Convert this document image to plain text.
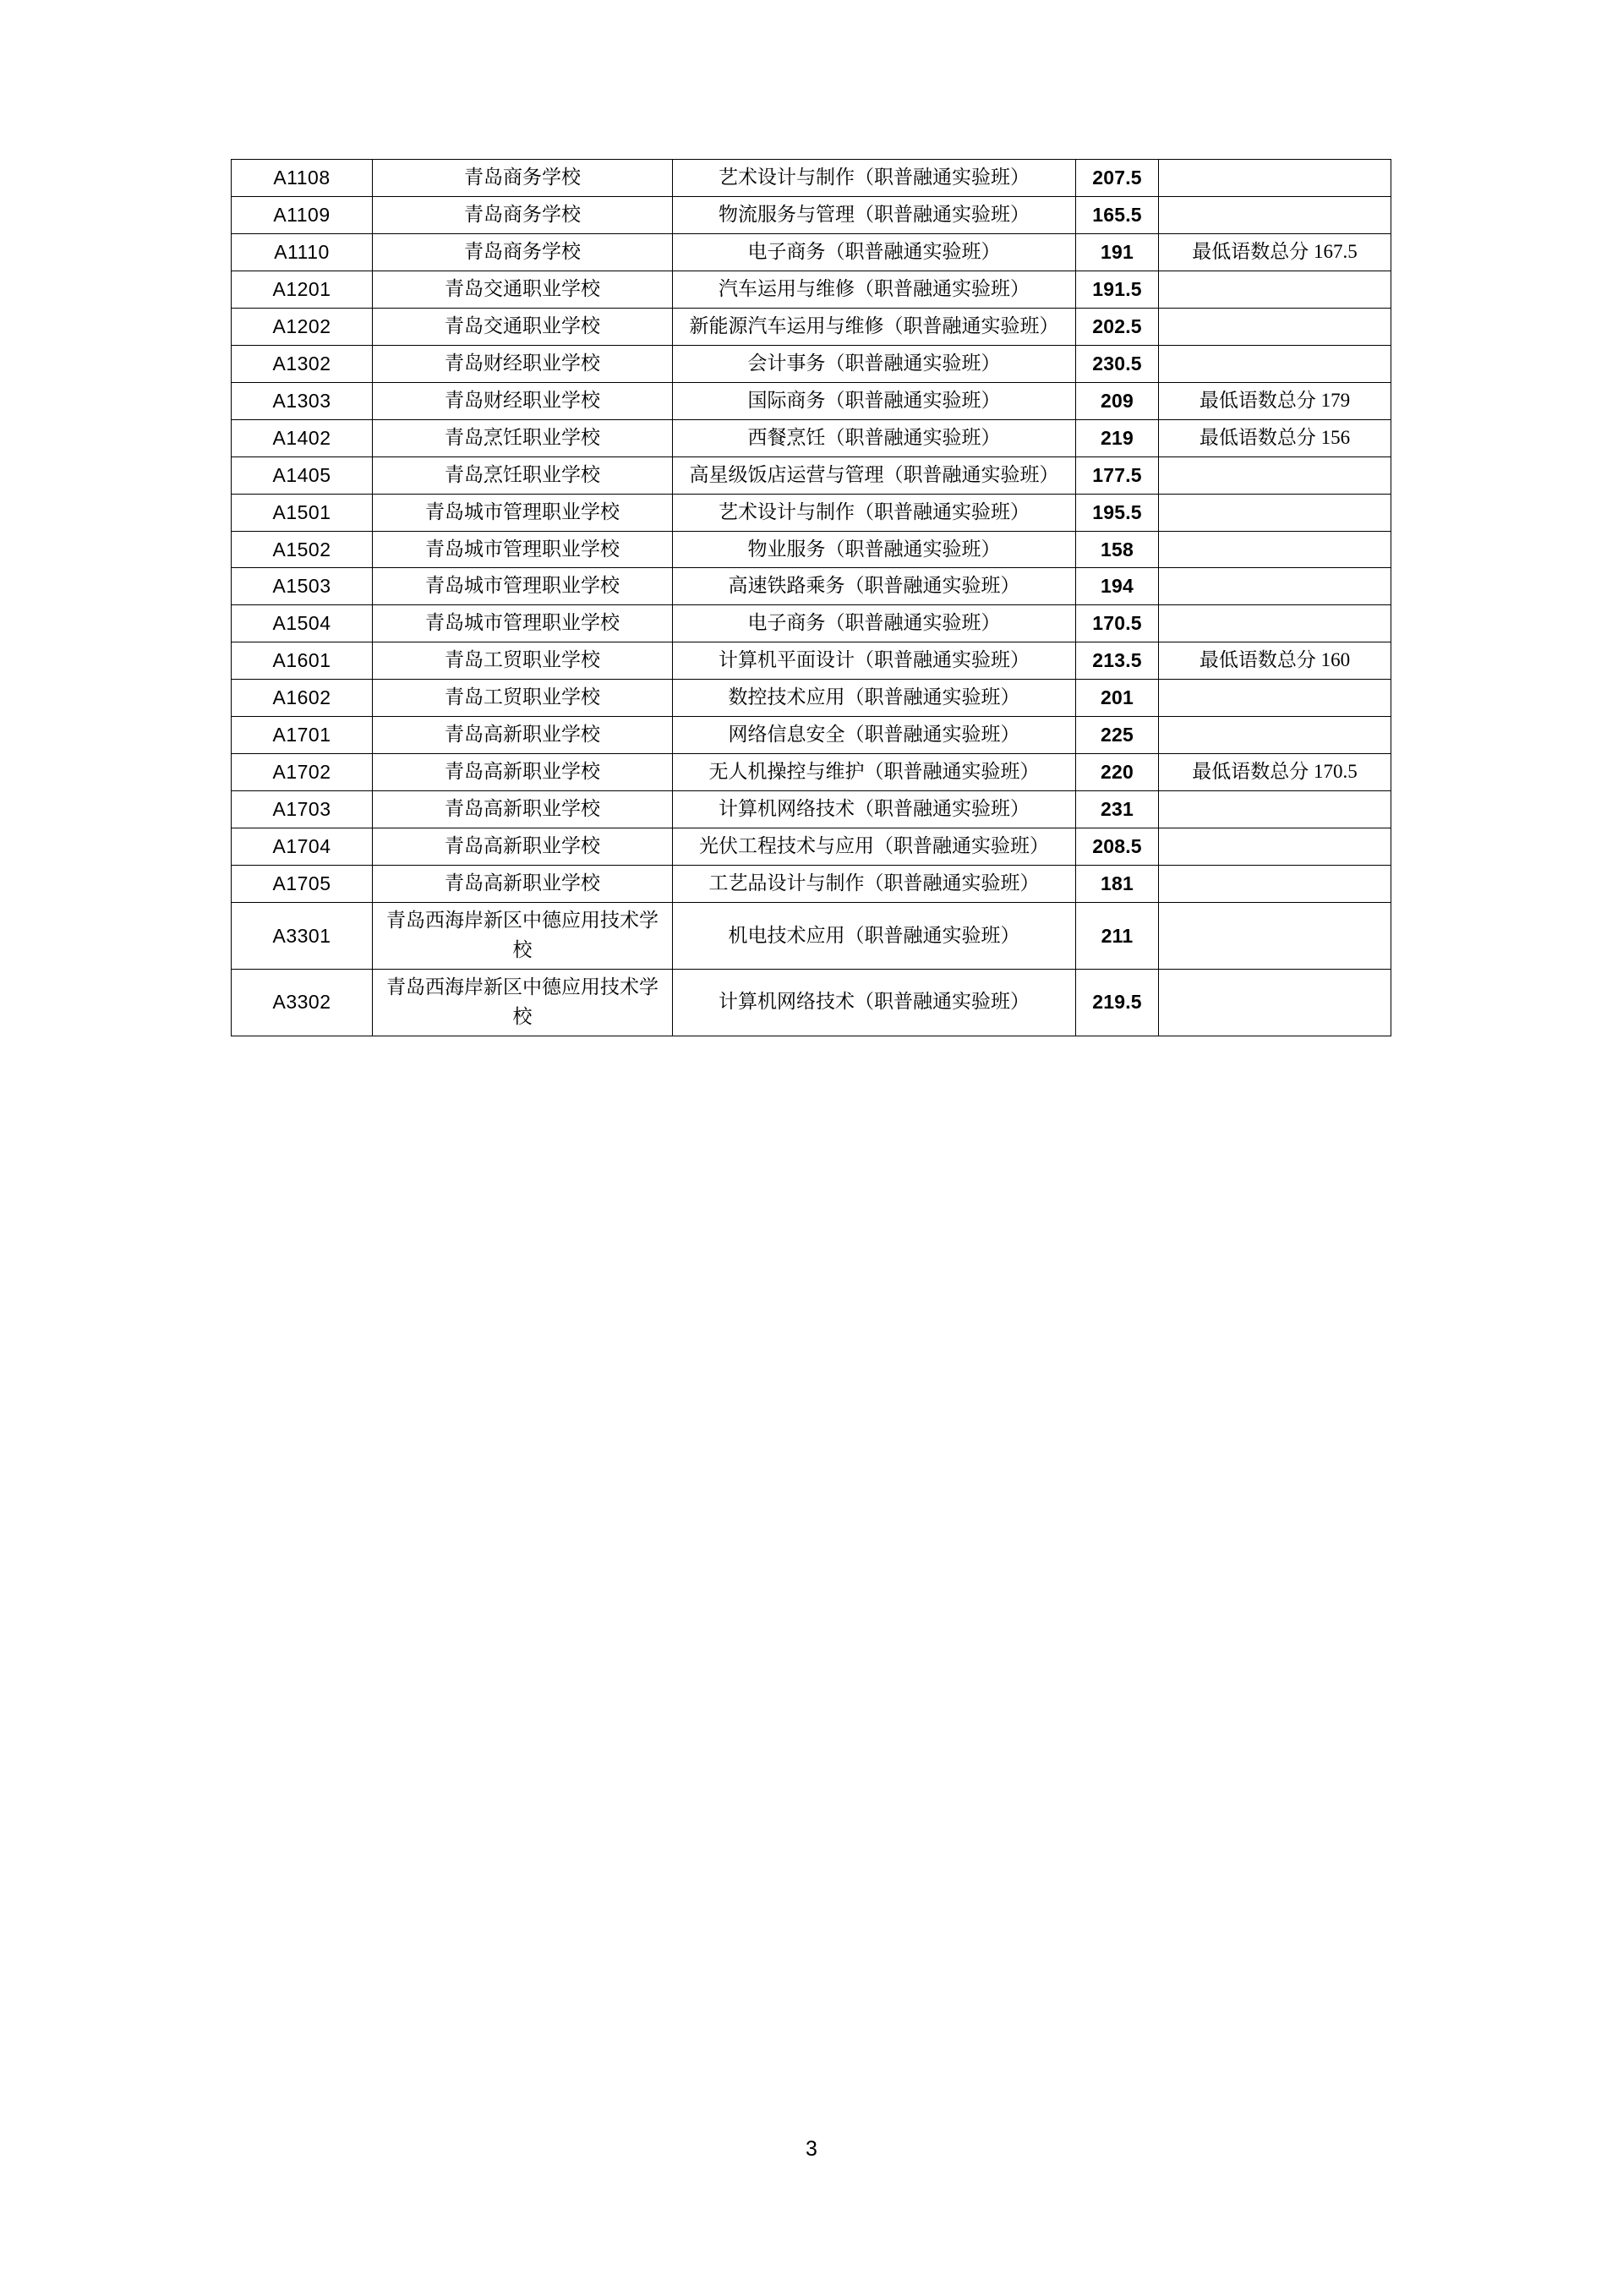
A1108	青岛商务学校	艺术设计与制作（职普融通实验班）	207.5	
A1109	青岛商务学校	物流服务与管理（职普融通实验班）	165.5	
A1110	青岛商务学校	电子商务（职普融通实验班）	191	最低语数总分 167.5
A1201	青岛交通职业学校	汽车运用与维修（职普融通实验班）	191.5	
A1202	青岛交通职业学校	新能源汽车运用与维修（职普融通实验班）	202.5	
A1302	青岛财经职业学校	会计事务（职普融通实验班）	230.5	
A1303	青岛财经职业学校	国际商务（职普融通实验班）	209	最低语数总分 179
A1402	青岛烹饪职业学校	西餐烹饪（职普融通实验班）	219	最低语数总分 156
A1405	青岛烹饪职业学校	高星级饭店运营与管理（职普融通实验班）	177.5	
A1501	青岛城市管理职业学校	艺术设计与制作（职普融通实验班）	195.5	
A1502	青岛城市管理职业学校	物业服务（职普融通实验班）	158	
A1503	青岛城市管理职业学校	高速铁路乘务（职普融通实验班）	194	
A1504	青岛城市管理职业学校	电子商务（职普融通实验班）	170.5	
A1601	青岛工贸职业学校	计算机平面设计（职普融通实验班）	213.5	最低语数总分 160
A1602	青岛工贸职业学校	数控技术应用（职普融通实验班）	201	
A1701	青岛高新职业学校	网络信息安全（职普融通实验班）	225	
A1702	青岛高新职业学校	无人机操控与维护（职普融通实验班）	220	最低语数总分 170.5
A1703	青岛高新职业学校	计算机网络技术（职普融通实验班）	231	
A1704	青岛高新职业学校	光伏工程技术与应用（职普融通实验班）	208.5	
A1705	青岛高新职业学校	工艺品设计与制作（职普融通实验班）	181	
A3301	青岛西海岸新区中德应用技术学校	机电技术应用（职普融通实验班）	211	
A3302	青岛西海岸新区中德应用技术学校	计算机网络技术（职普融通实验班）	219.5	
3
